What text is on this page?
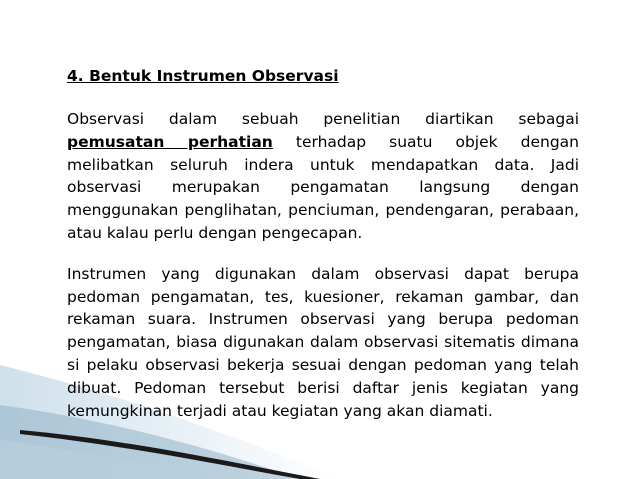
4. Bentuk Instrumen Observasi

Observasi dalam sebuah penelitian diartikan sebagai pemusatan perhatian terhadap suatu objek dengan melibatkan seluruh indera untuk mendapatkan data. Jadi observasi merupakan pengamatan langsung dengan menggunakan penglihatan, penciuman, pendengaran, perabaan, atau kalau perlu dengan pengecapan.

Instrumen yang digunakan dalam observasi dapat berupa pedoman pengamatan, tes, kuesioner, rekaman gambar, dan rekaman suara. Instrumen observasi yang berupa pedoman pengamatan, biasa digunakan dalam observasi sitematis dimana si pelaku observasi bekerja sesuai dengan pedoman yang telah dibuat. Pedoman tersebut berisi daftar jenis kegiatan yang kemungkinan terjadi atau kegiatan yang akan diamati.
